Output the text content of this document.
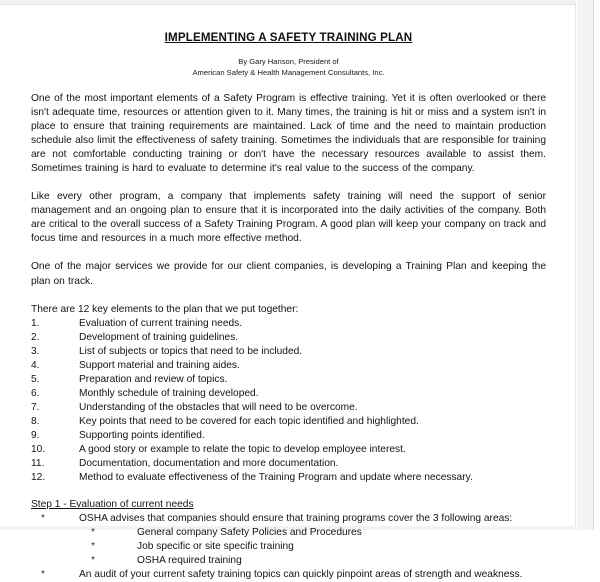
IMPLEMENTING A SAFETY TRAINING PLAN
By Gary Hanson, President of
American Safety & Health Management Consultants, Inc.

One of the most important elements of a Safety Program is effective training. Yet it is often overlooked or there isn't adequate time, resources or attention given to it. Many times, the training is hit or miss and a system isn't in place to ensure that training requirements are maintained. Lack of time and the need to maintain production schedule also limit the effectiveness of safety training. Sometimes the individuals that are responsible for training are not comfortable conducting training or don't have the necessary resources available to assist them. Sometimes training is hard to evaluate to determine it's real value to the success of the company.

Like every other program, a company that implements safety training will need the support of senior management and an ongoing plan to ensure that it is incorporated into the daily activities of the company. Both are critical to the overall success of a Safety Training Program. A good plan will keep your company on track and focus time and resources in a much more effective method.

One of the major services we provide for our client companies, is developing a Training Plan and keeping the plan on track.

There are 12 key elements to the plan that we put together:

1.	Evaluation of current training needs.
2.	Development of training guidelines.
3.	List of subjects or topics that need to be included.
4.	Support material and training aides.
5.	Preparation and review of topics.
6.	Monthly schedule of training developed.
7.	Understanding of the obstacles that will need to be overcome.
8.	Key points that need to be covered for each topic identified and highlighted.
9.	Supporting points identified.
10.	A good story or example to relate the topic to develop employee interest.
11.	Documentation, documentation and more documentation.
12.	Method to evaluate effectiveness of the Training Program and update where necessary.

Step 1 - Evaluation of current needs

*	OSHA advises that companies should ensure that training programs cover the 3 following areas:
*	General company Safety Policies and Procedures
*	Job specific or site specific training
*	OSHA required training
*	An audit of your current safety training topics can quickly pinpoint areas of strength and weakness.
